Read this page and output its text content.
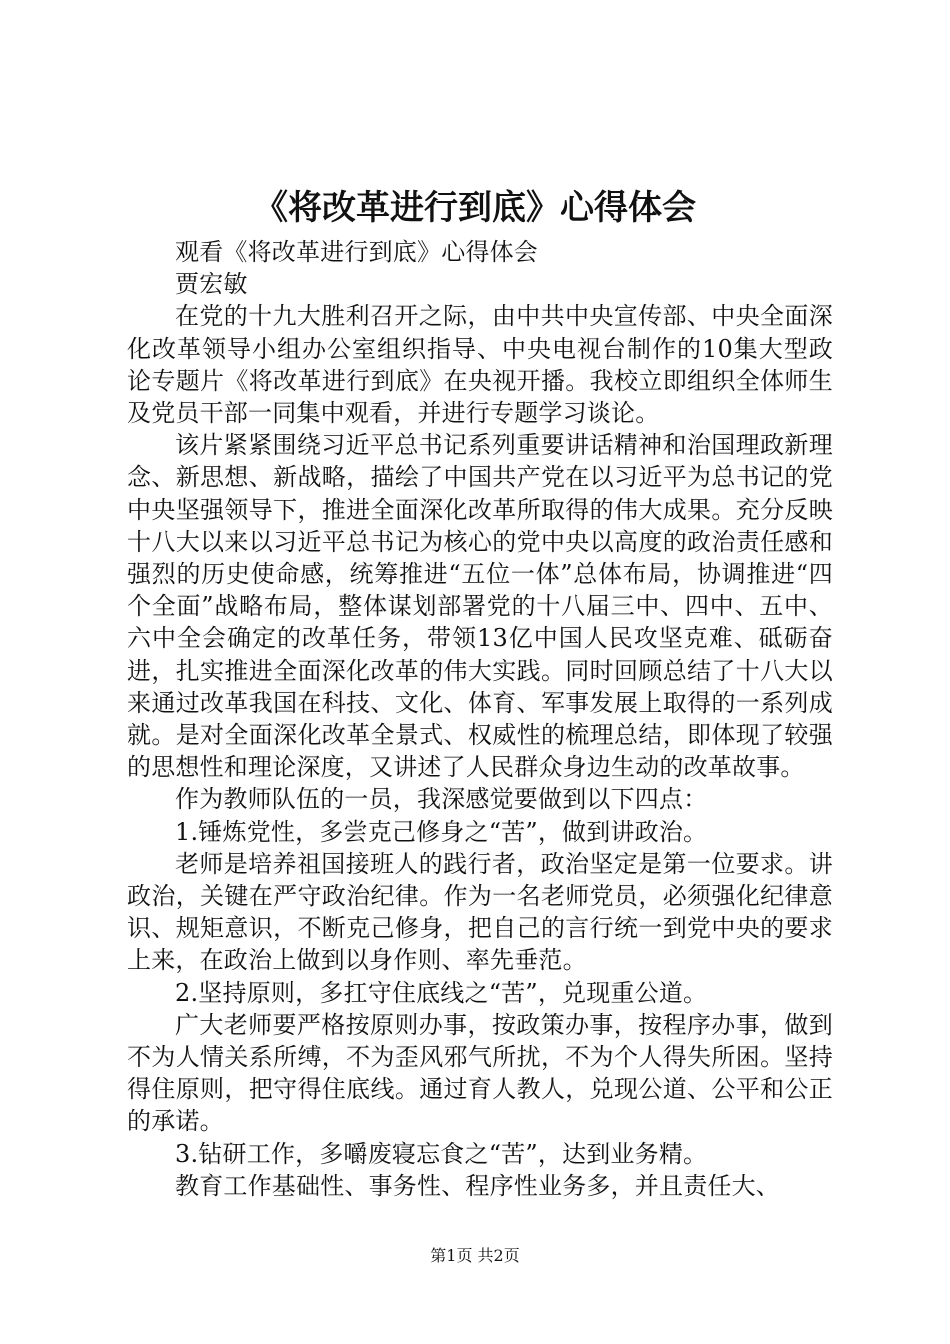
《将改革进行到底》心得体会

观看《将改革进行到底》心得体会

贾宏敏

在党的十九大胜利召开之际，由中共中央宣传部、中央全面深化改革领导小组办公室组织指导、中央电视台制作的10集大型政论专题片《将改革进行到底》在央视开播。我校立即组织全体师生及党员干部一同集中观看，并进行专题学习谈论。

该片紧紧围绕习近平总书记系列重要讲话精神和治国理政新理念、新思想、新战略，描绘了中国共产党在以习近平为总书记的党中央坚强领导下，推进全面深化改革所取得的伟大成果。充分反映十八大以来以习近平总书记为核心的党中央以高度的政治责任感和强烈的历史使命感，统筹推进“五位一体”总体布局，协调推进“四个全面”战略布局，整体谋划部署党的十八届三中、四中、五中、六中全会确定的改革任务，带领13亿中国人民攻坚克难、砥砺奋进，扎实推进全面深化改革的伟大实践。同时回顾总结了十八大以来通过改革我国在科技、文化、体育、军事发展上取得的一系列成就。是对全面深化改革全景式、权威性的梳理总结，即体现了较强的思想性和理论深度，又讲述了人民群众身边生动的改革故事。

作为教师队伍的一员，我深感觉要做到以下四点：

1.锤炼党性，多尝克己修身之“苦”，做到讲政治。

老师是培养祖国接班人的践行者，政治坚定是第一位要求。讲政治，关键在严守政治纪律。作为一名老师党员，必须强化纪律意识、规矩意识，不断克己修身，把自己的言行统一到党中央的要求上来，在政治上做到以身作则、率先垂范。

2.坚持原则，多扛守住底线之“苦”，兑现重公道。

广大老师要严格按原则办事，按政策办事，按程序办事，做到不为人情关系所缚，不为歪风邪气所扰，不为个人得失所困。坚持得住原则，把守得住底线。通过育人教人，兑现公道、公平和公正的承诺。

3.钻研工作，多嚼废寝忘食之“苦”，达到业务精。

教育工作基础性、事务性、程序性业务多，并且责任大、

第1页 共2页
